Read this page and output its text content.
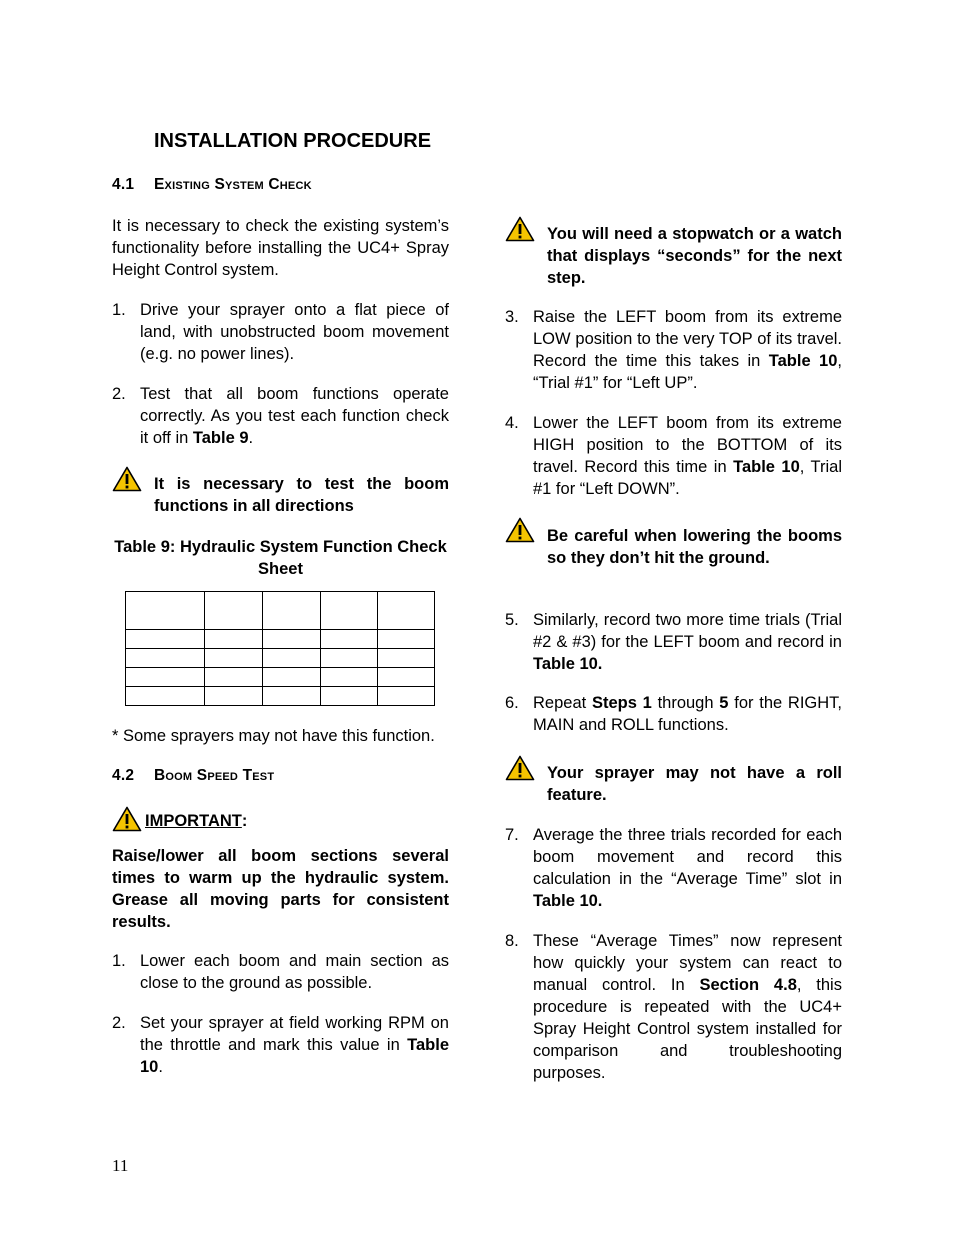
INSTALLATION PROCEDURE
4.1 Existing System Check

It is necessary to check the existing system’s functionality before installing the UC4+ Spray Height Control system.

1. Drive your sprayer onto a flat piece of land, with unobstructed boom movement (e.g. no power lines).

2. Test that all boom functions operate correctly. As you test each function check it off in Table 9.

It is necessary to test the boom functions in all directions

Table 9: Hydraulic System Function Check Sheet

* Some sprayers may not have this function.
4.2 Boom Speed Test
IMPORTANT :

Raise/lower all boom sections several times to warm up the hydraulic system. Grease all moving parts for consistent results.

1. Lower each boom and main section as close to the ground as possible.

2. Set your sprayer at field working RPM on the throttle and mark this value in Table 10.

You will need a stopwatch or a watch that displays “seconds” for the next step.

3. Raise the LEFT boom from its extreme LOW position to the very TOP of its travel. Record the time this takes in Table 10, “Trial #1” for “Left UP”.

4. Lower the LEFT boom from its extreme HIGH position to the BOTTOM of its travel. Record this time in Table 10, Trial #1 for “Left DOWN”.

Be careful when lowering the booms so they don’t hit the ground.

5. Similarly, record two more time trials (Trial #2 & #3) for the LEFT boom and record in Table 10.

6. Repeat Steps 1 through 5 for the RIGHT, MAIN and ROLL functions.

Your sprayer may not have a roll feature.

7. Average the three trials recorded for each boom movement and record this calculation in the “Average Time” slot in Table 10.

8. These “Average Times” now represent how quickly your system can react to manual control. In Section 4.8, this procedure is repeated with the UC4+ Spray Height Control system installed for comparison and troubleshooting purposes.

11
